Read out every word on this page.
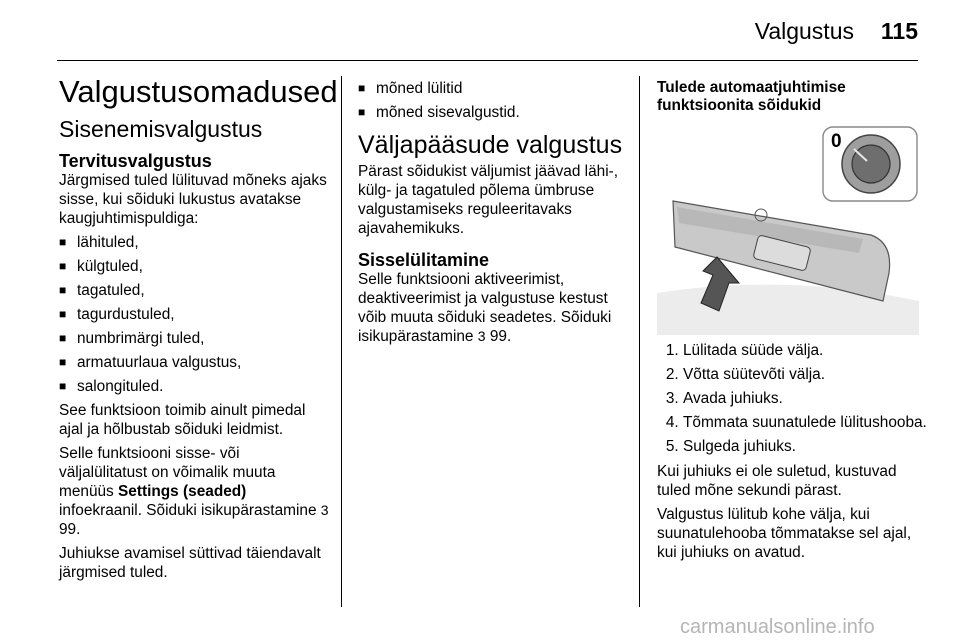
Valgustus 115
Valgustusomadused
Sisenemisvalgustus
Tervitusvalgustus

Järgmised tuled lülituvad mõneks ajaks sisse, kui sõiduki lukustus avatakse kaugjuhtimispuldiga:

■ lähituled,
■ külgtuled,
■ tagatuled,
■ tagurdustuled,
■ numbrimärgi tuled,
■ armatuurlaua valgustus,
■ salongituled.

See funktsioon toimib ainult pimedal ajal ja hõlbustab sõiduki leidmist.

Selle funktsiooni sisse- või väljalülitatust on võimalik muuta menüüs Settings (seaded) infoekraanil. Sõiduki isikupärastamine 3 99.

Juhiukse avamisel süttivad täiendavalt järgmised tuled.

■ mõned lülitid
■ mõned sisevalgustid.
Väljapääsude valgustus

Pärast sõidukist väljumist jäävad lähi-, külg- ja tagatuled põlema ümbruse valgustamiseks reguleeritavaks ajavahemikuks.

Sisselülitamine

Selle funktsiooni aktiveerimist, deaktiveerimist ja valgustuse kestust võib muuta sõiduki seadetes. Sõiduki isikupärastamine 3 99.

Tulede automaatjuhtimise funktsioonita sõidukid
0
1. Lülitada süüde välja.
2. Võtta süütevõti välja.
3. Avada juhiuks.
4. Tõmmata suunatulede lülitushooba.
5. Sulgeda juhiuks.

Kui juhiuks ei ole suletud, kustuvad tuled mõne sekundi pärast.

Valgustus lülitub kohe välja, kui suunatulehooba tõmmatakse sel ajal, kui juhiuks on avatud.

carmanualsonline.info
